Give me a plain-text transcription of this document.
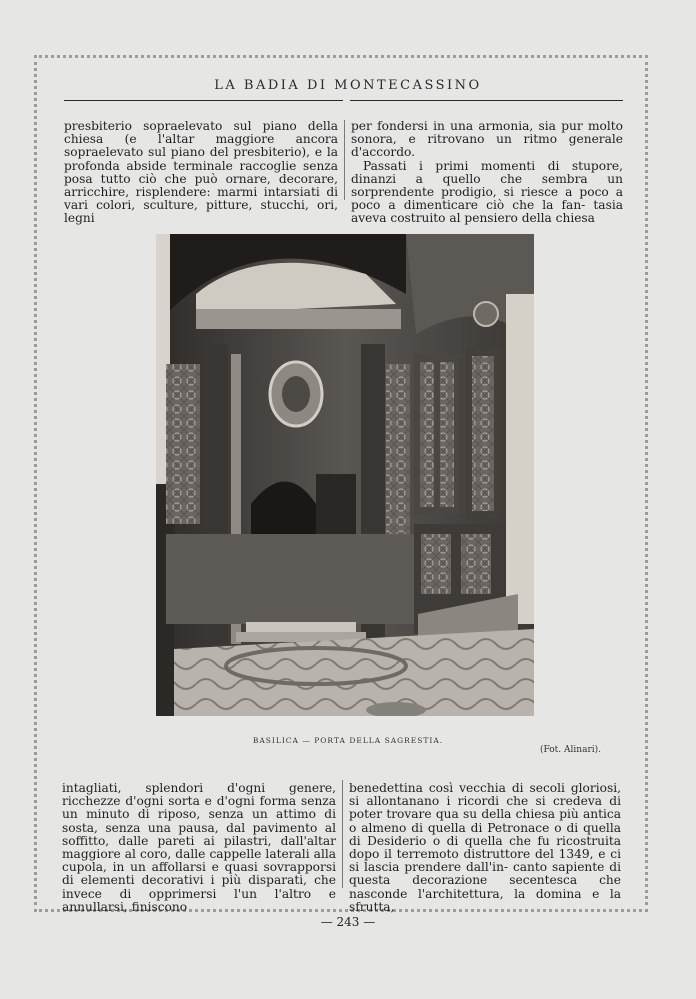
LA BADIA DI MONTECASSINO

presbiterio sopraelevato sul piano della chiesa (e l'altar maggiore ancora sopraelevato sul piano del presbiterio), e la profonda abside terminale raccoglie senza posa tutto ciò che può ornare, decorare, arricchire, risplendere: marmi intarsiati di vari colori, sculture, pitture, stucchi, ori, legni

per fondersi in una armonia, sia pur molto sonora, e ritrovano un ritmo generale d'accordo.

Passati i primi momenti di stupore, dinanzi a quello che sembra un sorprendente prodigio, si riesce a poco a poco a dimenticare ciò che la fan- tasia aveva costruito al pensiero della chiesa

BASILICA — PORTA DELLA SAGRESTIA.
(Fot. Alinari).

intagliati, splendori d'ogni genere, ricchezze d'ogni sorta e d'ogni forma senza un minuto di riposo, senza un attimo di sosta, senza una pausa, dal pavimento al soffitto, dalle pareti ai pilastri, dall'altar maggiore al coro, dalle cappelle laterali alla cupola, in un affollarsi e quasi sovrapporsi di elementi decorativi i più disparati, che invece di opprimersi l'un l'altro e annullarsi, finiscono

benedettina così vecchia di secoli gloriosi, si allontanano i ricordi che si credeva di poter trovare qua su della chiesa più antica o almeno di quella di Petronace o di quella di Desiderio o di quella che fu ricostruita dopo il terremoto distruttore del 1349, e ci si lascia prendere dall'in- canto sapiente di questa decorazione secentesca che nasconde l'architettura, la domina e la sfrutta,

— 243 —
